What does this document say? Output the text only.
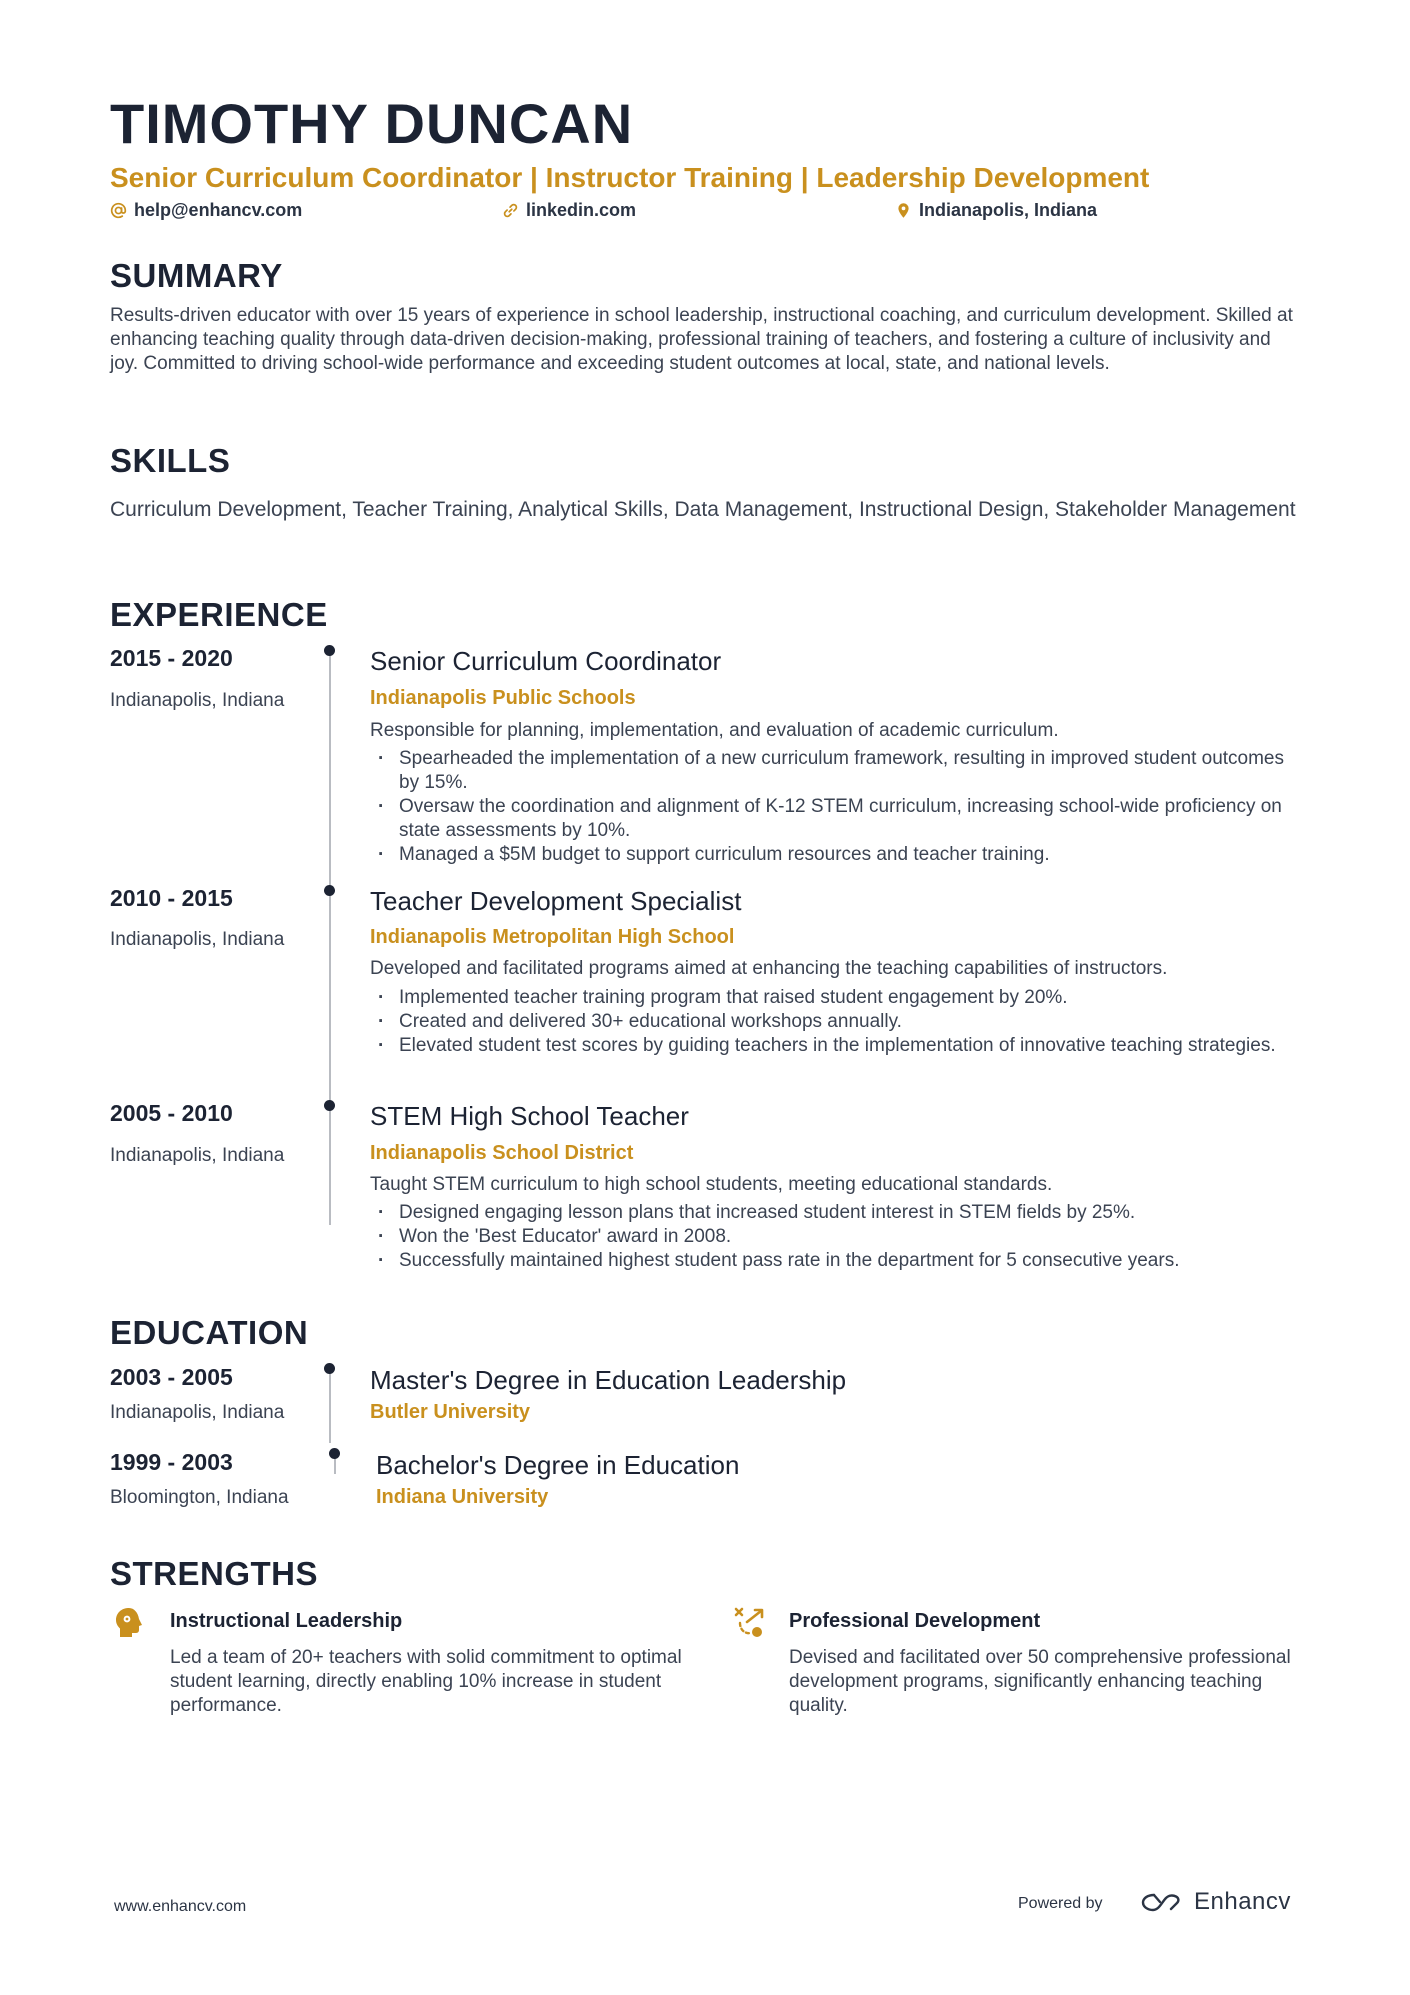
TIMOTHY DUNCAN
Senior Curriculum Coordinator | Instructor Training | Leadership Development
help@enhancv.com	linkedin.com	Indianapolis, Indiana
SUMMARY

Results-driven educator with over 15 years of experience in school leadership, instructional coaching, and curriculum development. Skilled at enhancing teaching quality through data-driven decision-making, professional training of teachers, and fostering a culture of inclusivity and joy. Committed to driving school-wide performance and exceeding student outcomes at local, state, and national levels.

SKILLS

Curriculum Development, Teacher Training, Analytical Skills, Data Management, Instructional Design, Stakeholder Management

EXPERIENCE
2015 - 2020
Indianapolis, Indiana
Senior Curriculum Coordinator
Indianapolis Public Schools

Responsible for planning, implementation, and evaluation of academic curriculum.

· Spearheaded the implementation of a new curriculum framework, resulting in improved student outcomes by 15%.
· Oversaw the coordination and alignment of K-12 STEM curriculum, increasing school-wide proficiency on state assessments by 10%.
· Managed a $5M budget to support curriculum resources and teacher training.
2010 - 2015
Indianapolis, Indiana
Teacher Development Specialist
Indianapolis Metropolitan High School

Developed and facilitated programs aimed at enhancing the teaching capabilities of instructors.

· Implemented teacher training program that raised student engagement by 20%.
· Created and delivered 30+ educational workshops annually.
· Elevated student test scores by guiding teachers in the implementation of innovative teaching strategies.
2005 - 2010
Indianapolis, Indiana
STEM High School Teacher
Indianapolis School District

Taught STEM curriculum to high school students, meeting educational standards.

· Designed engaging lesson plans that increased student interest in STEM fields by 25%.
· Won the 'Best Educator' award in 2008.
· Successfully maintained highest student pass rate in the department for 5 consecutive years.
EDUCATION
2003 - 2005
Indianapolis, Indiana
Master's Degree in Education Leadership
Butler University
1999 - 2003
Bloomington, Indiana
Bachelor's Degree in Education
Indiana University
STRENGTHS
Instructional Leadership

Led a team of 20+ teachers with solid commitment to optimal student learning, directly enabling 10% increase in student performance.

Professional Development

Devised and facilitated over 50 comprehensive professional development programs, significantly enhancing teaching quality.

www.enhancv.com	Powered by	Enhancv
